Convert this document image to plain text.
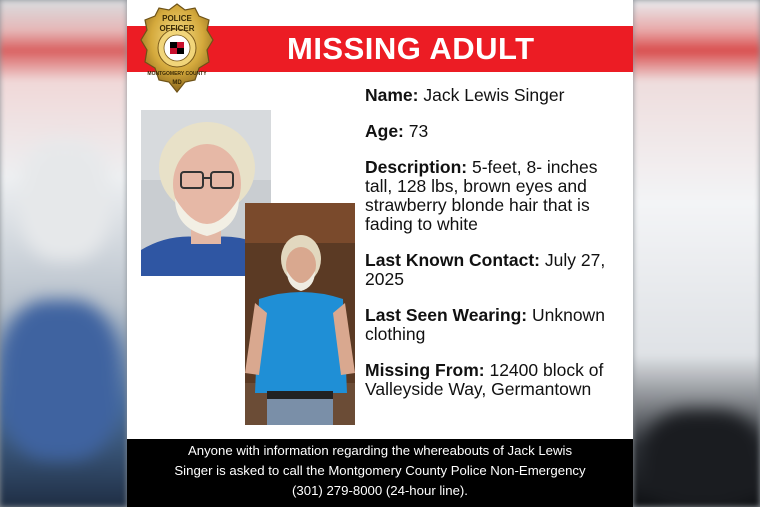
MISSING ADULT
POLICE
OFFICER
MONTGOMERY COUNTY
MD
Name: Jack Lewis Singer
Age: 73
Description: 5-feet, 8- inches tall, 128 lbs, brown eyes and strawberry blonde hair that is fading to white
Last Known Contact: July 27, 2025
Last Seen Wearing: Unknown clothing
Missing From: 12400 block of Valleyside Way, Germantown
Anyone with information regarding the whereabouts of Jack Lewis
Singer is asked to call the Montgomery County Police Non-Emergency
(301) 279-8000 (24-hour line).
